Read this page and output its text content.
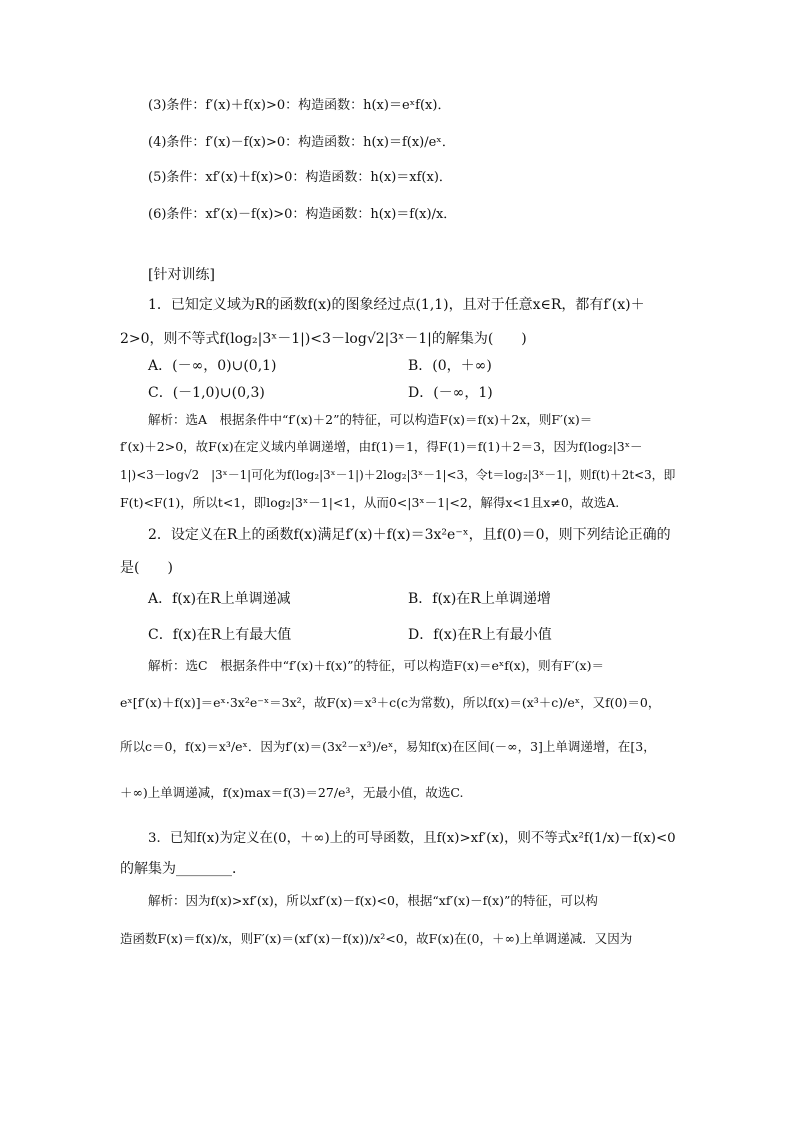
(3)条件：f′(x)＋f(x)>0：构造函数：h(x)＝eˣf(x)．
(4)条件：f′(x)－f(x)>0：构造函数：h(x)＝f(x)/eˣ．
(5)条件：xf′(x)＋f(x)>0：构造函数：h(x)＝xf(x)．
(6)条件：xf′(x)－f(x)>0：构造函数：h(x)＝f(x)/x．
[针对训练]
1．已知定义域为R的函数f(x)的图象经过点(1,1)，且对于任意x∈R，都有f′(x)＋
2>0，则不等式f(log₂|3ˣ－1|)<3－log√2|3ˣ－1|的解集为(　　)
A．(－∞，0)∪(0,1)	B．(0，＋∞)
C．(－1,0)∪(0,3)	D．(－∞，1)
解析：选A　根据条件中“f′(x)＋2”的特征，可以构造F(x)＝f(x)＋2x，则F′(x)＝
f′(x)＋2>0，故F(x)在定义域内单调递增，由f(1)＝1，得F(1)＝f(1)＋2＝3，因为f(log₂|3ˣ－
1|)<3－log√2　|3ˣ－1|可化为f(log₂|3ˣ－1|)＋2log₂|3ˣ－1|<3，令t＝log₂|3ˣ－1|，则f(t)＋2t<3，即
F(t)<F(1)，所以t<1，即log₂|3ˣ－1|<1，从而0<|3ˣ－1|<2，解得x<1且x≠0，故选A.
2．设定义在R上的函数f(x)满足f′(x)＋f(x)＝3x²e⁻ˣ，且f(0)＝0，则下列结论正确的
是(　　)
A．f(x)在R上单调递减	B．f(x)在R上单调递增
C．f(x)在R上有最大值	D．f(x)在R上有最小值
解析：选C　根据条件中“f′(x)＋f(x)”的特征，可以构造F(x)＝eˣf(x)，则有F′(x)＝
eˣ[f′(x)＋f(x)]＝eˣ·3x²e⁻ˣ＝3x²，故F(x)＝x³＋c(c为常数)，所以f(x)＝(x³＋c)/eˣ，又f(0)＝0，
所以c＝0，f(x)＝x³/eˣ．因为f′(x)＝(3x²－x³)/eˣ，易知f(x)在区间(－∞，3]上单调递增，在[3，
＋∞)上单调递减，f(x)max＝f(3)＝27/e³，无最小值，故选C.
3．已知f(x)为定义在(0，＋∞)上的可导函数，且f(x)>xf′(x)，则不等式x²f(1/x)－f(x)<0
的解集为________．
解析：因为f(x)>xf′(x)，所以xf′(x)－f(x)<0，根据“xf′(x)－f(x)”的特征，可以构
造函数F(x)＝f(x)/x，则F′(x)＝(xf′(x)－f(x))/x²<0，故F(x)在(0，＋∞)上单调递减．又因为
